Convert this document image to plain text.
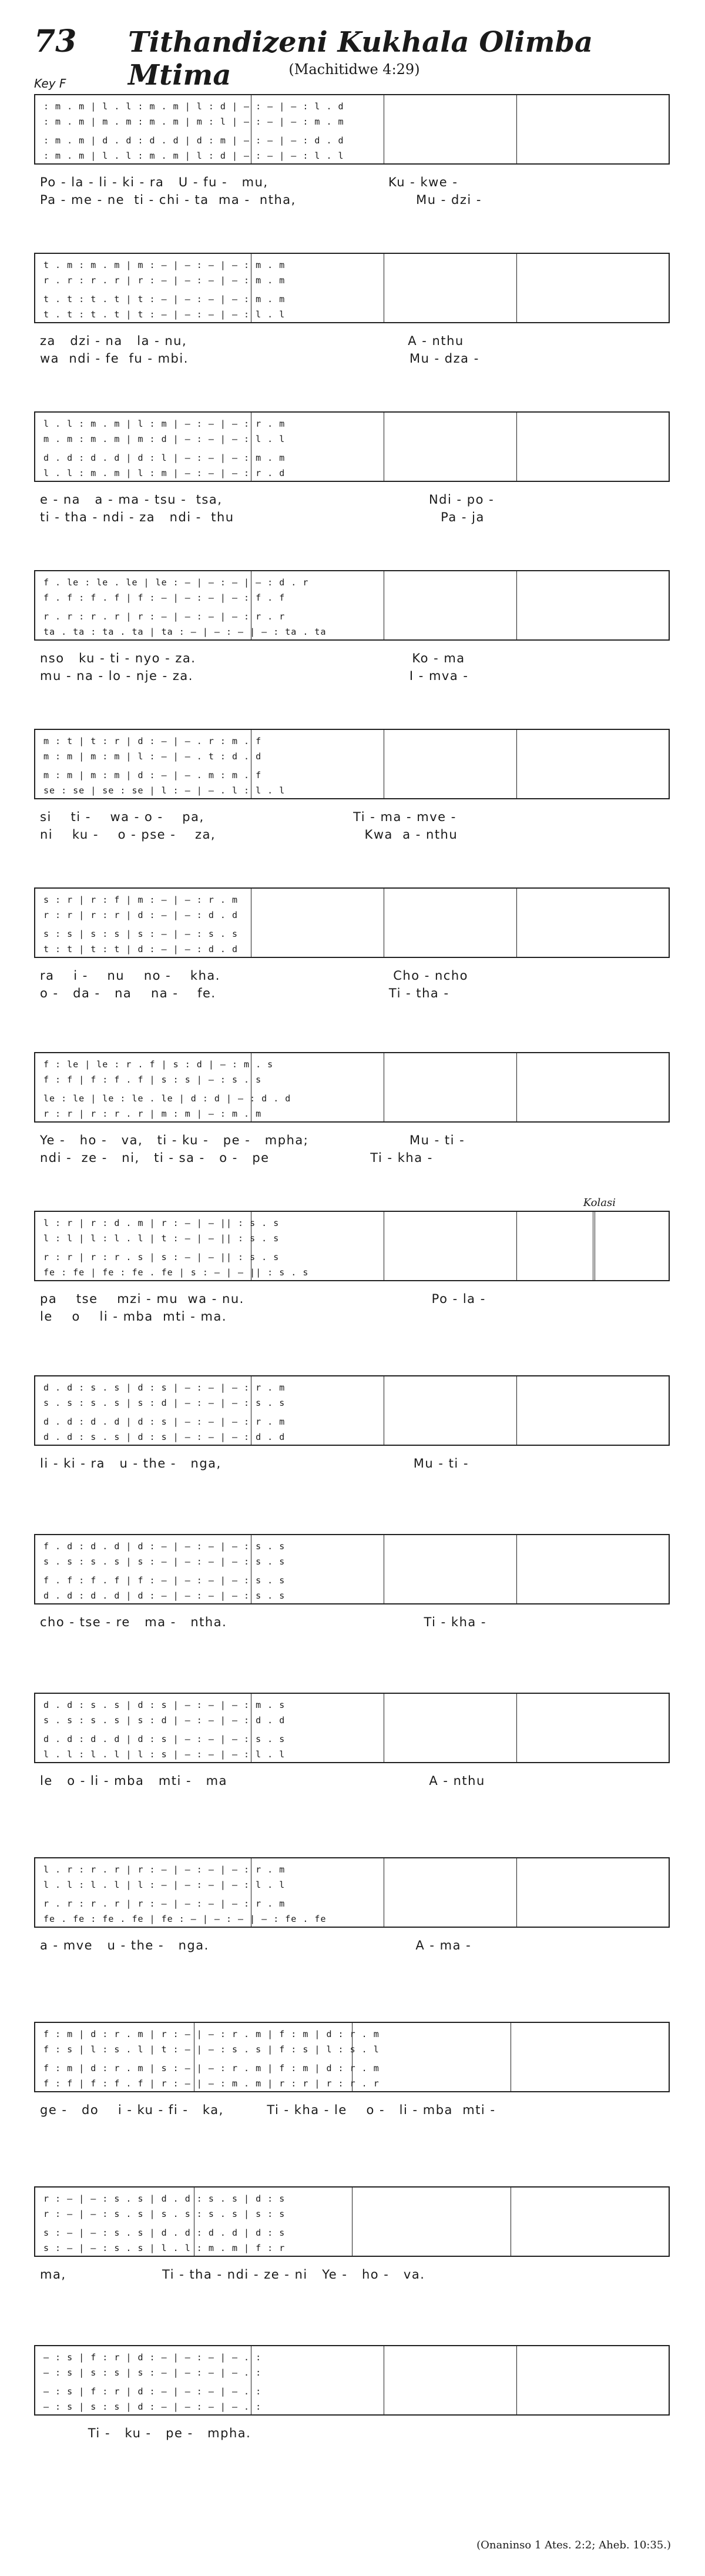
73 Tithandizeni Kukhala Olimba Mtima	(Machitidwe 4:29)
Key F
: m . m | l . l : m . m | l : d | — : — | — : l . d
: m . m | m . m : m . m | m : l | — : — | — : m . m
: m . m | d . d : d . d | d : m | — : — | — : d . d
: m . m | l . l : m . m | l : d | — : — | — : l . l
Po - la - li - ki - ra   U - fu -   mu,                         Ku - kwe -
Pa - me - ne  ti - chi - ta  ma -  ntha,                         Mu - dzi -
t . m : m . m | m : — | — : — | — : m . m
r . r : r . r | r : — | — : — | — : m . m
t . t : t . t | t : — | — : — | — : m . m
t . t : t . t | t : — | — : — | — : l . l
za   dzi - na   la - nu,                                              A - nthu
wa  ndi - fe  fu - mbi.                                              Mu - dza -
l . l : m . m | l : m | — : — | — : r . m
m . m : m . m | m : d | — : — | — : l . l
d . d : d . d | d : l | — : — | — : m . m
l . l : m . m | l : m | — : — | — : r . d
e - na   a - ma - tsu -  tsa,                                           Ndi - po -
ti - tha - ndi - za   ndi -  thu                                           Pa - ja
f . le : le . le | le : — | — : — | — : d . r
f . f : f . f | f : — | — : — | — : f . f
r . r : r . r | r : — | — : — | — : r . r
ta . ta : ta . ta | ta : — | — : — | — : ta . ta
nso   ku - ti - nyo - za.                                             Ko - ma
mu - na - lo - nje - za.                                             I - mva -
m : t | t : r | d : — | — . r : m . f
m : m | m : m | l : — | — . t : d . d
m : m | m : m | d : — | — . m : m . f
se : se | se : se | l : — | — . l : l . l
si    ti -    wa - o -    pa,                               Ti - ma - mve -
ni    ku -    o - pse -    za,                               Kwa  a - nthu
s : r | r : f | m : — | — : r . m
r : r | r : r | d : — | — : d . d
s : s | s : s | s : — | — : s . s
t : t | t : t | d : — | — : d . d
ra    i -    nu    no -    kha.                                    Cho - ncho
o -   da -   na    na -    fe.                                    Ti - tha -
f : le | le : r . f | s : d | — : m . s
f : f | f : f . f | s : s | — : s . s
le : le | le : le . le | d : d | — : d . d
r : r | r : r . r | m : m | — : m . m
Ye -   ho -   va,   ti - ku -   pe -   mpha;                     Mu - ti -
ndi -  ze -   ni,   ti - sa -   o -   pe                     Ti - kha -
Kolasi
l : r | r : d . m | r : — | — || : s . s
l : l | l : l . l | t : — | — || : s . s
r : r | r : r . s | s : — | — || : s . s
fe : fe | fe : fe . fe | s : — | — || : s . s
pa    tse    mzi - mu  wa - nu.                                       Po - la -
le    o    li - mba  mti - ma.
d . d : s . s | d : s | — : — | — : r . m
s . s : s . s | s : d | — : — | — : s . s
d . d : d . d | d : s | — : — | — : r . m
d . d : s . s | d : s | — : — | — : d . d
li - ki - ra   u - the -   nga,                                        Mu - ti -
f . d : d . d | d : — | — : — | — : s . s
s . s : s . s | s : — | — : — | — : s . s
f . f : f . f | f : — | — : — | — : s . s
d . d : d . d | d : — | — : — | — : s . s
cho - tse - re   ma -   ntha.                                         Ti - kha -
d . d : s . s | d : s | — : — | — : m . s
s . s : s . s | s : d | — : — | — : d . d
d . d : d . d | d : s | — : — | — : s . s
l . l : l . l | l : s | — : — | — : l . l
le   o - li - mba   mti -   ma                                          A - nthu
l . r : r . r | r : — | — : — | — : r . m
l . l : l . l | l : — | — : — | — : l . l
r . r : r . r | r : — | — : — | — : r . m
fe . fe : fe . fe | fe : — | — : — | — : fe . fe
a - mve   u - the -   nga.                                           A - ma -
f : m | d : r . m | r : — | — : r . m | f : m | d : r . m
f : s | l : s . l | t : — | — : s . s | f : s | l : s . l
f : m | d : r . m | s : — | — : r . m | f : m | d : r . m
f : f | f : f . f | r : — | — : m . m | r : r | r : r . r
ge -   do    i - ku - fi -   ka,         Ti - kha - le    o -   li - mba  mti -
r : — | — : s . s | d . d : s . s | d : s
r : — | — : s . s | s . s : s . s | s : s
s : — | — : s . s | d . d : d . d | d : s
s : — | — : s . s | l . l : m . m | f : r
ma,                    Ti - tha - ndi - ze - ni   Ye -   ho -   va.
— : s | f : r | d : — | — : — | — . :
— : s | s : s | s : — | — : — | — . :
— : s | f : r | d : — | — : — | — . :
— : s | s : s | d : — | — : — | — . :
Ti -   ku -   pe -   mpha.
(Onaninso 1 Ates. 2:2; Aheb. 10:35.)
